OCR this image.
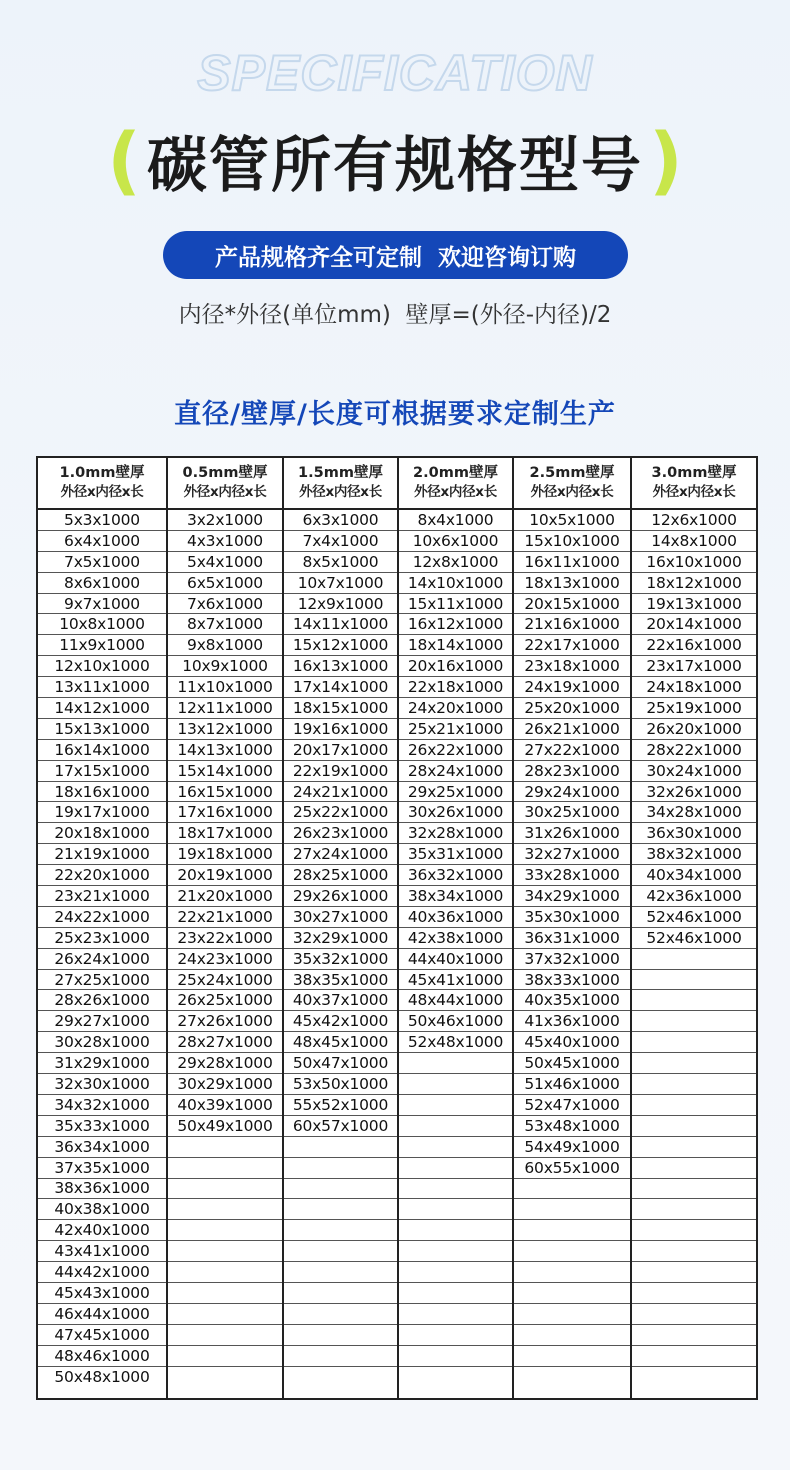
SPECIFICATION
( 碳管所有规格型号 )
产品规格齐全可定制  欢迎咨询订购
内径*外径(单位mm)  壁厚=(外径-内径)/2
直径/壁厚/长度可根据要求定制生产
1.0mm壁厚
外径x内径x长
5x3x1000
6x4x1000
7x5x1000
8x6x1000
9x7x1000
10x8x1000
11x9x1000
12x10x1000
13x11x1000
14x12x1000
15x13x1000
16x14x1000
17x15x1000
18x16x1000
19x17x1000
20x18x1000
21x19x1000
22x20x1000
23x21x1000
24x22x1000
25x23x1000
26x24x1000
27x25x1000
28x26x1000
29x27x1000
30x28x1000
31x29x1000
32x30x1000
34x32x1000
35x33x1000
36x34x1000
37x35x1000
38x36x1000
40x38x1000
42x40x1000
43x41x1000
44x42x1000
45x43x1000
46x44x1000
47x45x1000
48x46x1000
50x48x1000
0.5mm壁厚
外径x内径x长
3x2x1000
4x3x1000
5x4x1000
6x5x1000
7x6x1000
8x7x1000
9x8x1000
10x9x1000
11x10x1000
12x11x1000
13x12x1000
14x13x1000
15x14x1000
16x15x1000
17x16x1000
18x17x1000
19x18x1000
20x19x1000
21x20x1000
22x21x1000
23x22x1000
24x23x1000
25x24x1000
26x25x1000
27x26x1000
28x27x1000
29x28x1000
30x29x1000
40x39x1000
50x49x1000
1.5mm壁厚
外径x内径x长
6x3x1000
7x4x1000
8x5x1000
10x7x1000
12x9x1000
14x11x1000
15x12x1000
16x13x1000
17x14x1000
18x15x1000
19x16x1000
20x17x1000
22x19x1000
24x21x1000
25x22x1000
26x23x1000
27x24x1000
28x25x1000
29x26x1000
30x27x1000
32x29x1000
35x32x1000
38x35x1000
40x37x1000
45x42x1000
48x45x1000
50x47x1000
53x50x1000
55x52x1000
60x57x1000
2.0mm壁厚
外径x内径x长
8x4x1000
10x6x1000
12x8x1000
14x10x1000
15x11x1000
16x12x1000
18x14x1000
20x16x1000
22x18x1000
24x20x1000
25x21x1000
26x22x1000
28x24x1000
29x25x1000
30x26x1000
32x28x1000
35x31x1000
36x32x1000
38x34x1000
40x36x1000
42x38x1000
44x40x1000
45x41x1000
48x44x1000
50x46x1000
52x48x1000
2.5mm壁厚
外径x内径x长
10x5x1000
15x10x1000
16x11x1000
18x13x1000
20x15x1000
21x16x1000
22x17x1000
23x18x1000
24x19x1000
25x20x1000
26x21x1000
27x22x1000
28x23x1000
29x24x1000
30x25x1000
31x26x1000
32x27x1000
33x28x1000
34x29x1000
35x30x1000
36x31x1000
37x32x1000
38x33x1000
40x35x1000
41x36x1000
45x40x1000
50x45x1000
51x46x1000
52x47x1000
53x48x1000
54x49x1000
60x55x1000
3.0mm壁厚
外径x内径x长
12x6x1000
14x8x1000
16x10x1000
18x12x1000
19x13x1000
20x14x1000
22x16x1000
23x17x1000
24x18x1000
25x19x1000
26x20x1000
28x22x1000
30x24x1000
32x26x1000
34x28x1000
36x30x1000
38x32x1000
40x34x1000
42x36x1000
52x46x1000
52x46x1000
